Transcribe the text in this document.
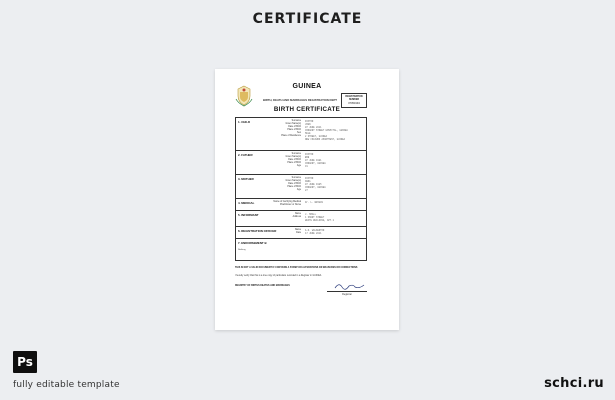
CERTIFICATE
GUINEA
BIRTH, DEATH AND MARRIAGES REGISTRATION DEPT
REGISTRATION NUMBER
07051994
BIRTH CERTIFICATE
1. CHILD	Surname DIXTON
Given Name(s) JOHN
Date of Birth 07 JUNE 2011
Place of Birth CONAKRY STREET HOSPITAL, GUINEA
Sex MALE
Place of Residence 2 STREET, GUINEA
NEW COLOURS APARTMENT, GUINEA
2. FATHER	Surname DIXTON
Given Name(s) BOB
Date of Birth 07 JUNE 1981
Place of Birth CONAKRY, GUINEA
Age 31
3. MOTHER	Surname DIXTON
Given Name(s) ANNA
Date of Birth 07 JUNE 1985
Place of Birth CONAKRY, GUINEA
Age 27
4. MEDICAL	Name of Certifying Medical Dr. L. BRIGGS
Practitioner or Nurse
5. INFORMANT	Name J. SMALL
Address 1 SMART STREET
WHITE BUILDING, APT.1
6. REGISTRATION OFFICER	Name A.D. WALKERTON
Date 17 JUNE 2011
7. ENDORSEMENT B
Nothing
THIS IS NOT A VALID DOCUMENT IF CONTAINS A STAMP OR ALTERATIONS OR ERASURES OR CORRECTIONS
I hereby verify that this is a true copy of particulars recorded in a Register in GUINEA
REGISTRY OF BIRTHS DEATHS AND MARRIAGES
Registrar
Ps
fully editable template	schci.ru
